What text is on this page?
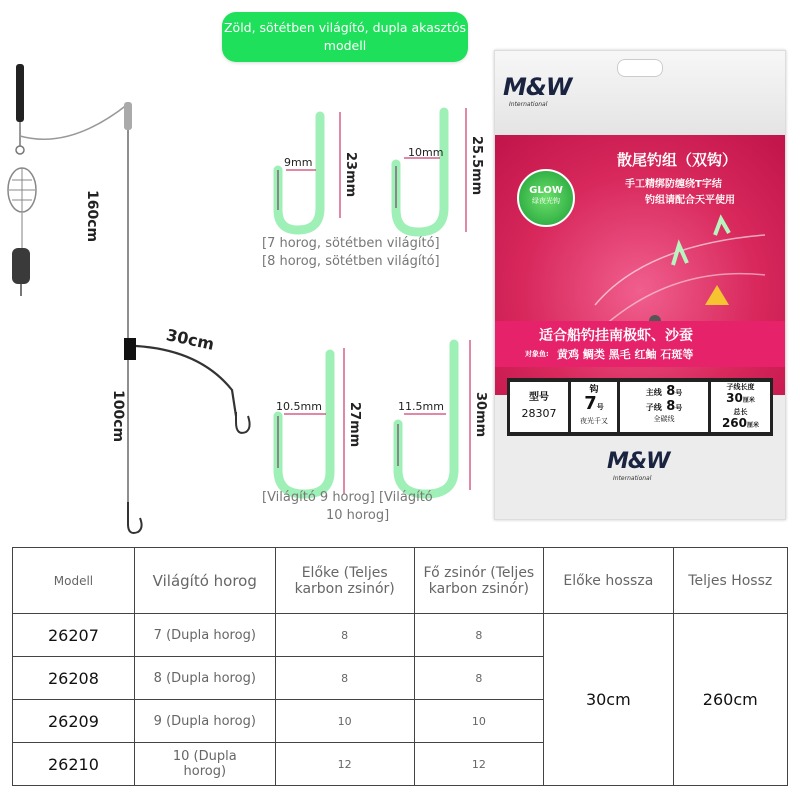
Zöld, sötétben világító, dupla akasztós modell
160cm
30cm
100cm
9mm 23mm	10mm 25.5mm
10.5mm 27mm	11.5mm 30mm
[7 horog, sötétben világító]
[8 horog, sötétben világító]
[Világító 9 horog] [Világító
10 horog]
M&W
International
散尾钓组（双钩）
手工精绑防缠绕T字结
钓组请配合天平使用
GLOW
绿夜光钩
适合船钓挂南极虾、沙蚕
对象鱼: 黄鸡 鲷类 黑毛 红鲉 石斑等
型号
28307
钩
7号
夜光千又
主线 8号
子线 8号
全碳线
子线长度
30厘米
总长
260厘米
M&W
International
Modell	Világító horog	Előke (Teljes karbon zsinór)	Fő zsinór (Teljes karbon zsinór)	Előke hossza	Teljes Hossz
26207	7 (Dupla horog)	8	8	30cm	260cm
26208	8 (Dupla horog)	8	8		
26209	9 (Dupla horog)	10	10		
26210	10 (Dupla horog)	12	12		
